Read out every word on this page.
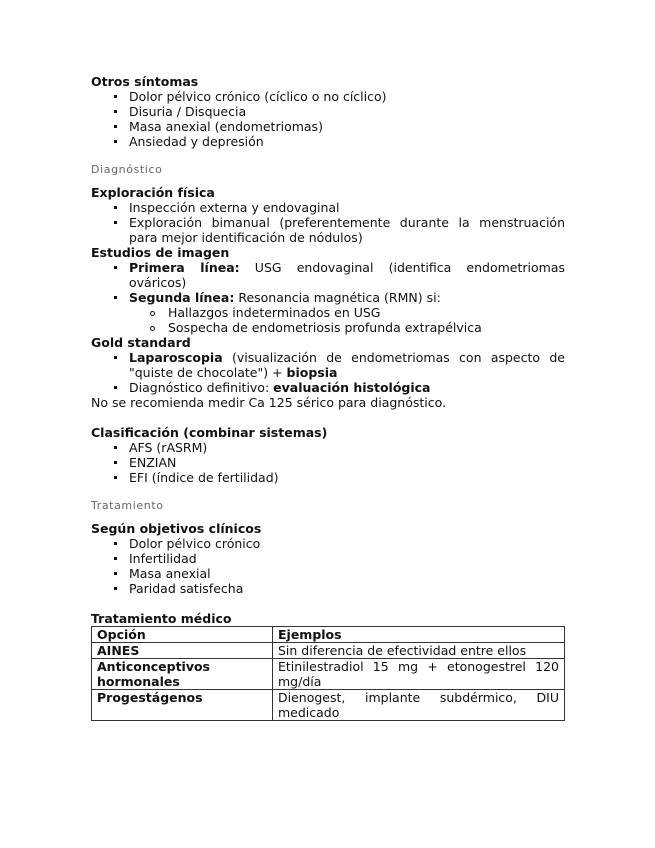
Otros síntomas

Dolor pélvico crónico (cíclico o no cíclico)
Disuria / Disquecia
Masa anexial (endometriomas)
Ansiedad y depresión

Diagnóstico

Exploración física

Inspección externa y endovaginal
Exploración bimanual (preferentemente durante la menstruación para mejor identificación de nódulos)

Estudios de imagen

Primera línea: USG endovaginal (identifica endometriomas ováricos)
Segunda línea: Resonancia magnética (RMN) si:
Hallazgos indeterminados en USG
Sospecha de endometriosis profunda extrapélvica

Gold standard

Laparoscopia (visualización de endometriomas con aspecto de "quiste de chocolate") + biopsia
Diagnóstico definitivo: evaluación histológica

No se recomienda medir Ca 125 sérico para diagnóstico.

Clasificación (combinar sistemas)

AFS (rASRM)
ENZIAN
EFI (índice de fertilidad)

Tratamiento

Según objetivos clínicos

Dolor pélvico crónico
Infertilidad
Masa anexial
Paridad satisfecha

Tratamiento médico

Opción	Ejemplos
AINES	Sin diferencia de efectividad entre ellos
Anticonceptivos hormonales	Etinilestradiol 15 mg + etonogestrel 120 mg/día
Progestágenos	Dienogest, implante subdérmico, DIU medicado
